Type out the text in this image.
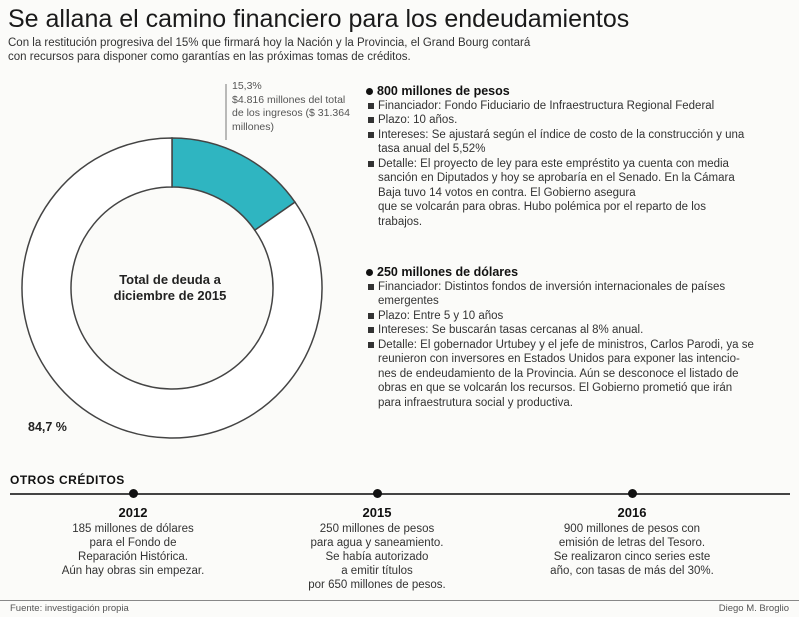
Se allana el camino financiero para los endeudamientos
Con la restitución progresiva del 15% que firmará hoy la Nación y la Provincia, el Grand Bourg contará
con recursos para disponer como garantías en las próximas tomas de créditos.
15,3%
$4.816 millones del total
de los ingresos ($ 31.364
millones)
Total de deuda a
diciembre de 2015
84,7 %
800 millones de pesos
Financiador: Fondo Fiduciario de Infraestructura Regional Federal
Plazo: 10 años.
Intereses: Se ajustará según el índice de costo de la construcción y una
tasa anual del 5,52%
Detalle: El proyecto de ley para este empréstito ya cuenta con media
sanción en Diputados y hoy se aprobaría en el Senado. En la Cámara
Baja tuvo 14 votos en contra. El Gobierno asegura
que se volcarán para obras. Hubo polémica por el reparto de los
trabajos.
250 millones de dólares
Financiador: Distintos fondos de inversión internacionales de países
emergentes
Plazo: Entre 5 y 10 años
Intereses: Se buscarán tasas cercanas al 8% anual.
Detalle: El gobernador Urtubey y el jefe de ministros, Carlos Parodi, ya se
reunieron con inversores en Estados Unidos para exponer las intencio-
nes de endeudamiento de la Provincia. Aún se desconoce el listado de
obras en que se volcarán los recursos. El Gobierno prometió que irán
para infraestrutura social y productiva.
OTROS CRÉDITOS
2012
185 millones de dólares
para el Fondo de
Reparación Histórica.
Aún hay obras sin empezar.
2015
250 millones de pesos
para agua y saneamiento.
Se había autorizado
a emitir títulos
por 650 millones de pesos.
2016
900 millones de pesos con
emisión de letras del Tesoro.
Se realizaron cinco series este
año, con tasas de más del 30%.
Fuente: investigación propia	Diego M. Broglio
